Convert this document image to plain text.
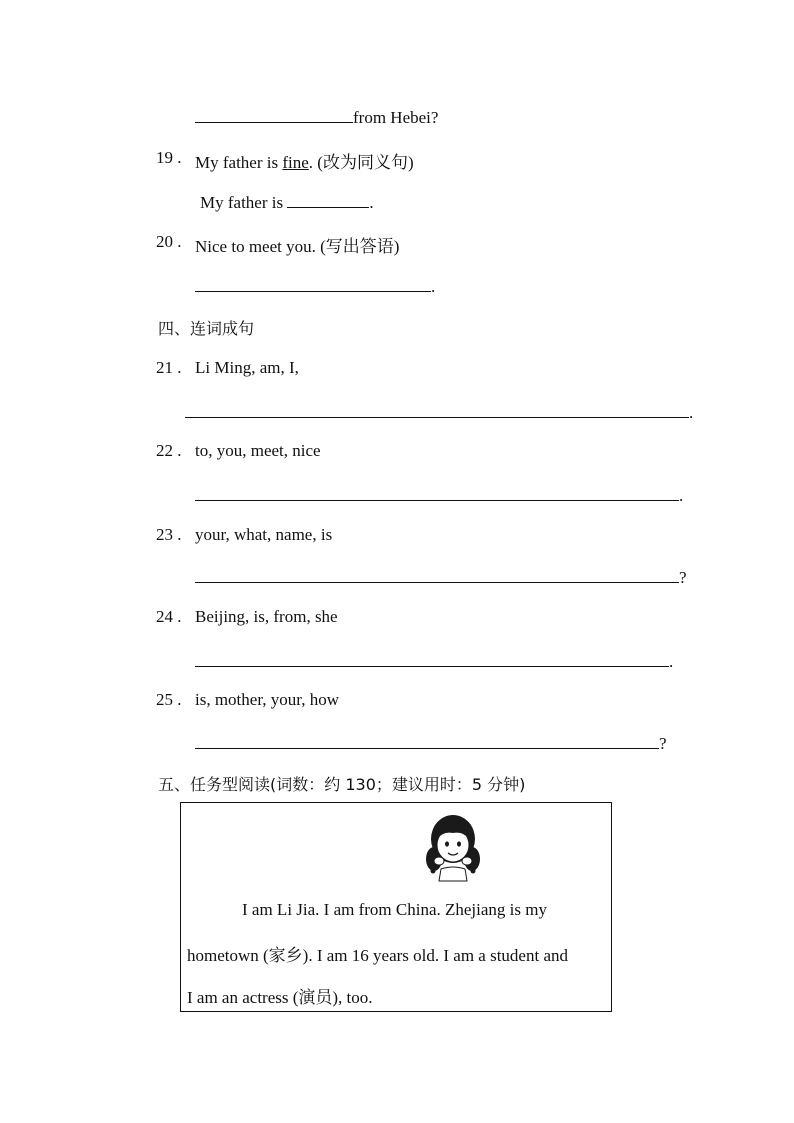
from Hebei?
19 . My father is fine. (改为同义句)
My father is	.
20 . Nice to meet you. (写出答语)
.
四、连词成句
21 . Li Ming, am, I,
.
22 . to, you, meet, nice
.
23 . your, what, name, is
?
24 . Beijing, is, from, she
.
25 . is, mother, your, how
?
五、任务型阅读(词数：约 130；建议用时：5 分钟)
I am Li Jia. I am from China. Zhejiang is my
hometown (家乡). I am 16 years old. I am a student and
I am an actress (演员), too.
